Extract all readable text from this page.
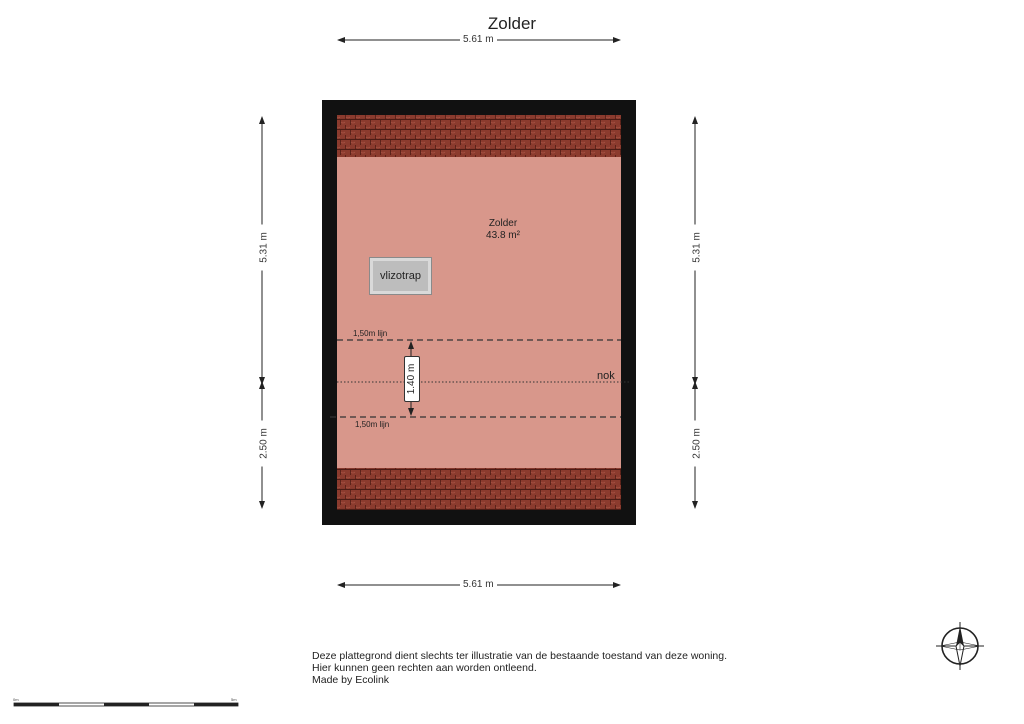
Zolder
5.61 m
5.61 m
5.31 m
2.50 m
5.31 m
2.50 m
Zolder
43.8 m²
vlizotrap
1,50m lijn
1,50m lijn
nok
1.40 m
Deze plattegrond dient slechts ter illustratie van de bestaande toestand van deze woning.
Hier kunnen geen rechten aan worden ontleend.
Made by Ecolink
0m	5m
